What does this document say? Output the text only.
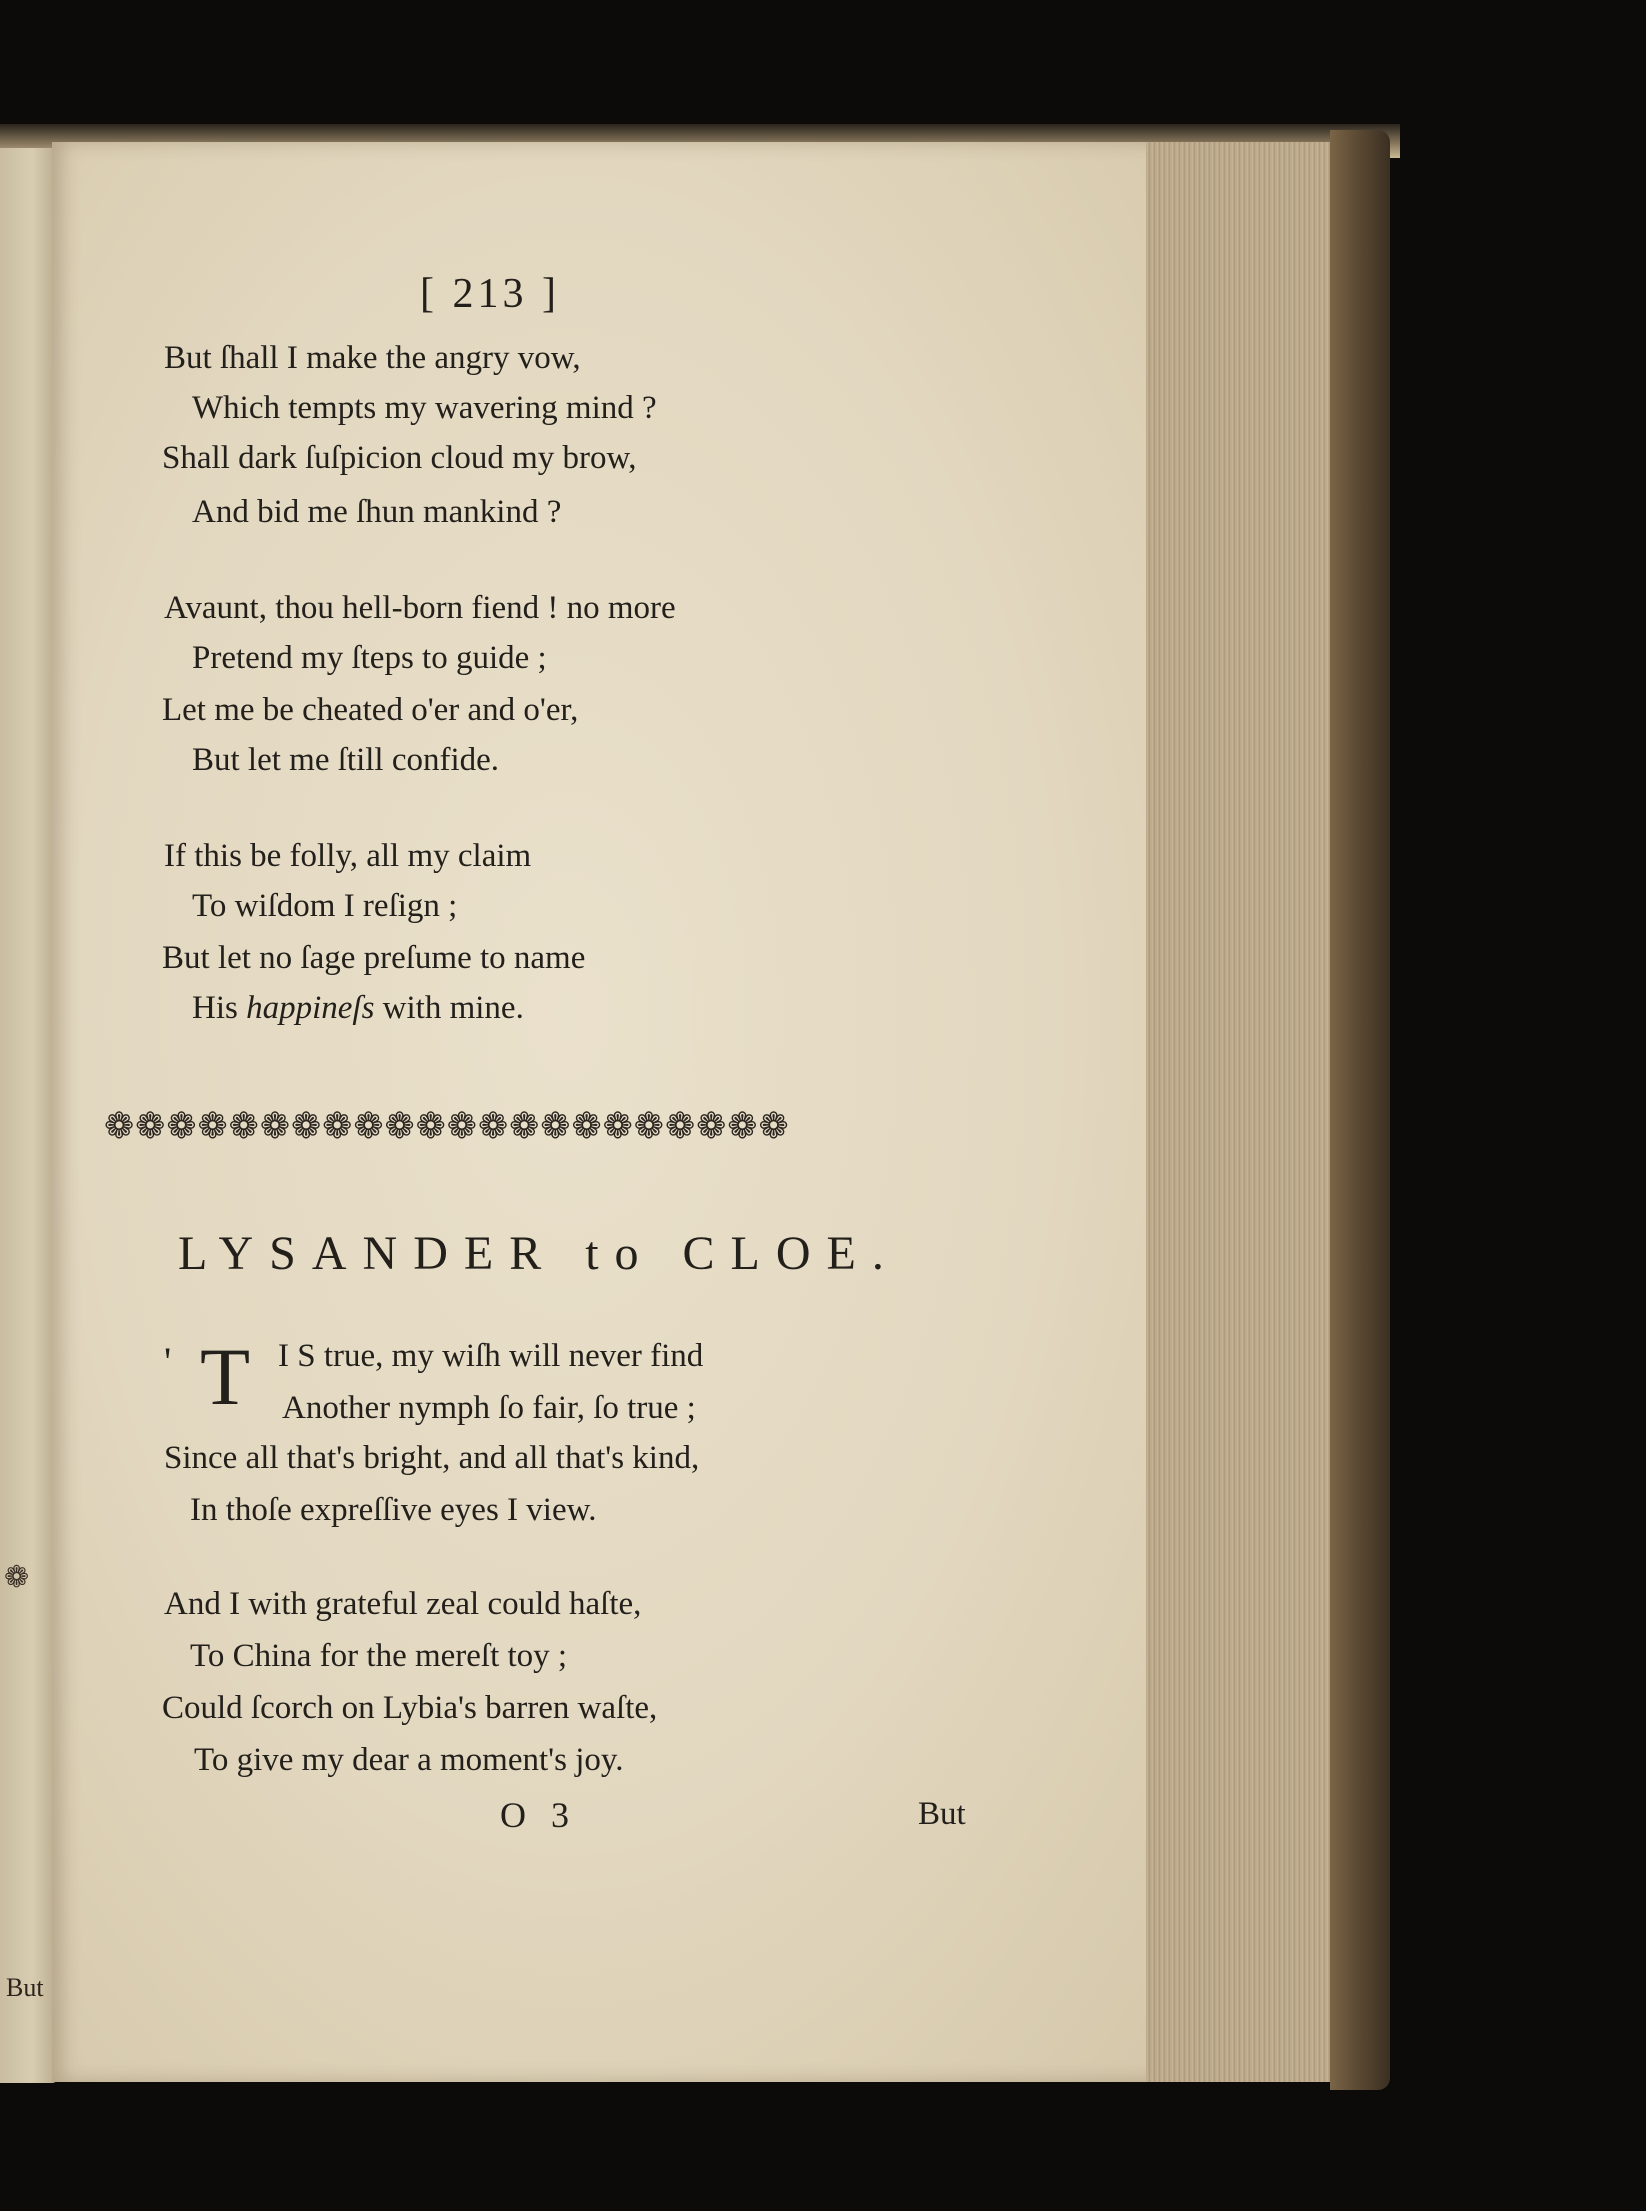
❁
But
[ 213 ]
But ſhall I make the angry vow,
Which tempts my wavering mind ?
Shall dark ſuſpicion cloud my brow,
And bid me ſhun mankind ?
Avaunt, thou hell-born fiend ! no more
Pretend my ſteps to guide ;
Let me be cheated o'er and o'er,
But let me ſtill confide.
If this be folly, all my claim
To wiſdom I reſign ;
But let no ſage preſume to name
His happineſs with mine.
❁❁❁❁❁❁❁❁❁❁❁❁❁❁❁❁❁❁❁❁❁❁
LYSANDER to CLOE.
' T I S true, my wiſh will never find
Another nymph ſo fair, ſo true ;
Since all that's bright, and all that's kind,
In thoſe expreſſive eyes I view.
And I with grateful zeal could haſte,
To China for the mereſt toy ;
Could ſcorch on Lybia's barren waſte,
To give my dear a moment's joy.
O 3	But
